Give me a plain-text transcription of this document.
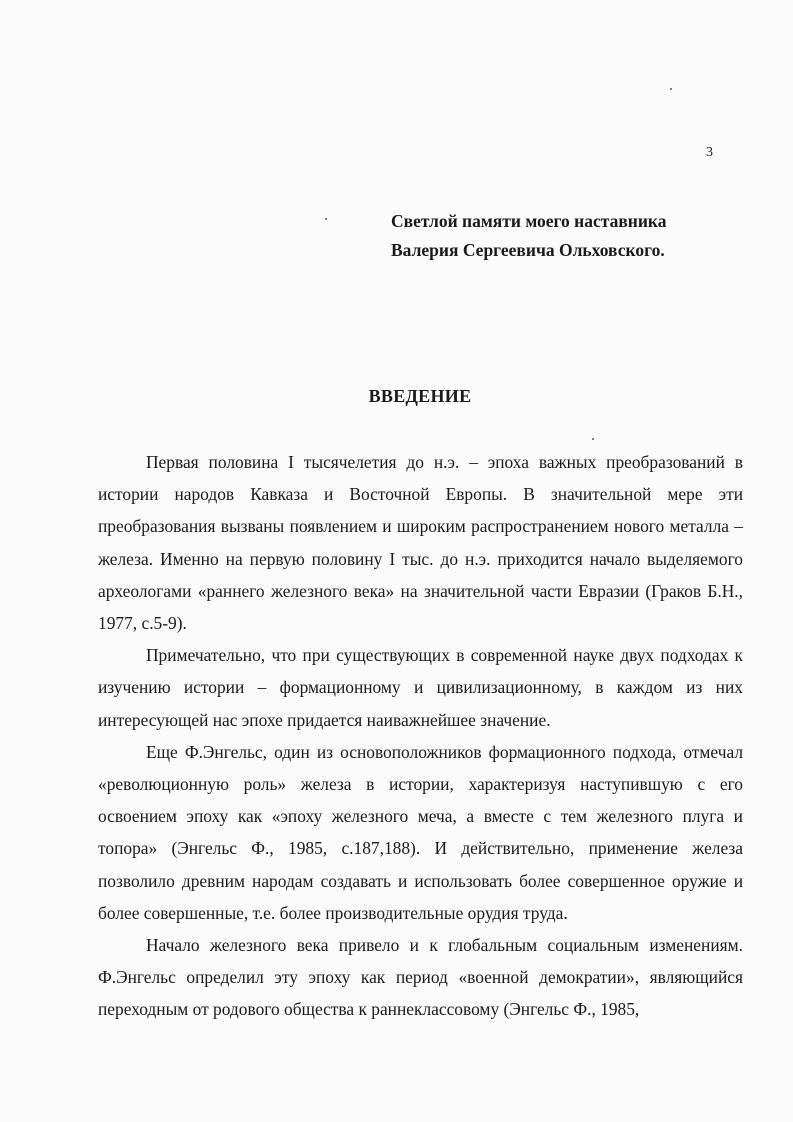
3
Светлой памяти моего наставника
Валерия Сергеевича Ольховского.
ВВЕДЕНИЕ

Первая половина I тысячелетия до н.э. – эпоха важных преобразований в истории народов Кавказа и Восточной Европы. В значительной мере эти преобразования вызваны появлением и широким распространением нового металла – железа. Именно на первую половину I тыс. до н.э. приходится начало выделяемого археологами «раннего железного века» на значительной части Евразии (Граков Б.Н., 1977, с.5-9).

Примечательно, что при существующих в современной науке двух подходах к изучению истории – формационному и цивилизационному, в каждом из них интересующей нас эпохе придается наиважнейшее значение.

Еще Ф.Энгельс, один из основоположников формационного подхода, отмечал «революционную роль» железа в истории, характеризуя наступившую с его освоением эпоху как «эпоху железного меча, а вместе с тем железного плуга и топора» (Энгельс Ф., 1985, с.187,188). И действительно, применение железа позволило древним народам создавать и использовать более совершенное оружие и более совершенные, т.е. более производительные орудия труда.

Начало железного века привело и к глобальным социальным изменениям. Ф.Энгельс определил эту эпоху как период «военной демократии», являющийся переходным от родового общества к раннеклассовому (Энгельс Ф., 1985,
